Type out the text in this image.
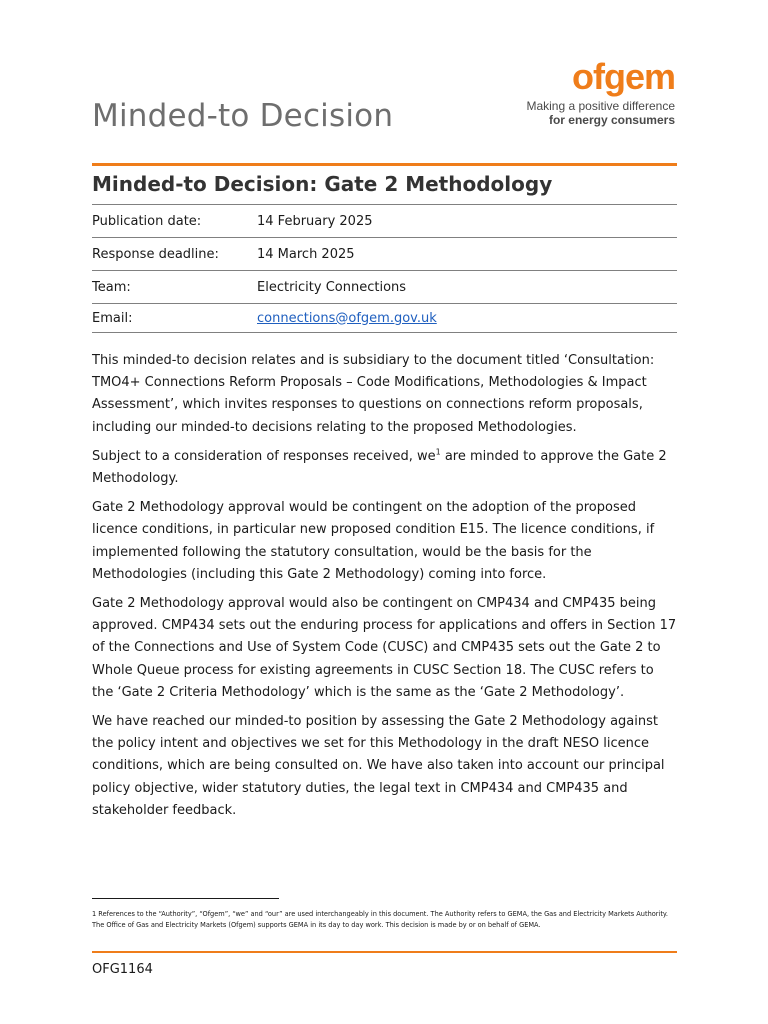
Minded-to Decision
ofgem
Making a positive difference
for energy consumers
Minded-to Decision: Gate 2 Methodology
Publication date:	14 February 2025
Response deadline:	14 March 2025
Team:	Electricity Connections
Email:	connections@ofgem.gov.uk

This minded-to decision relates and is subsidiary to the document titled ‘Consultation: TMO4+ Connections Reform Proposals – Code Modifications, Methodologies & Impact Assessment’, which invites responses to questions on connections reform proposals, including our minded-to decisions relating to the proposed Methodologies.

Subject to a consideration of responses received, $we^1$ are minded to approve the Gate 2 Methodology.

Gate 2 Methodology approval would be contingent on the adoption of the proposed licence conditions, in particular new proposed condition E15. The licence conditions, if implemented following the statutory consultation, would be the basis for the Methodologies (including this Gate 2 Methodology) coming into force.

Gate 2 Methodology approval would also be contingent on CMP434 and CMP435 being approved. CMP434 sets out the enduring process for applications and offers in Section 17 of the Connections and Use of System Code (CUSC) and CMP435 sets out the Gate 2 to Whole Queue process for existing agreements in CUSC Section 18. The CUSC refers to the ‘Gate 2 Criteria Methodology’ which is the same as the ‘Gate 2 Methodology’.

We have reached our minded-to position by assessing the Gate 2 Methodology against the policy intent and objectives we set for this Methodology in the draft NESO licence conditions, which are being consulted on. We have also taken into account our principal policy objective, wider statutory duties, the legal text in CMP434 and CMP435 and stakeholder feedback.

1 References to the “Authority”, “Ofgem”, “we” and “our” are used interchangeably in this document. The Authority refers to GEMA, the Gas and Electricity Markets Authority. The Office of Gas and Electricity Markets (Ofgem) supports GEMA in its day to day work. This decision is made by or on behalf of GEMA.
OFG1164
